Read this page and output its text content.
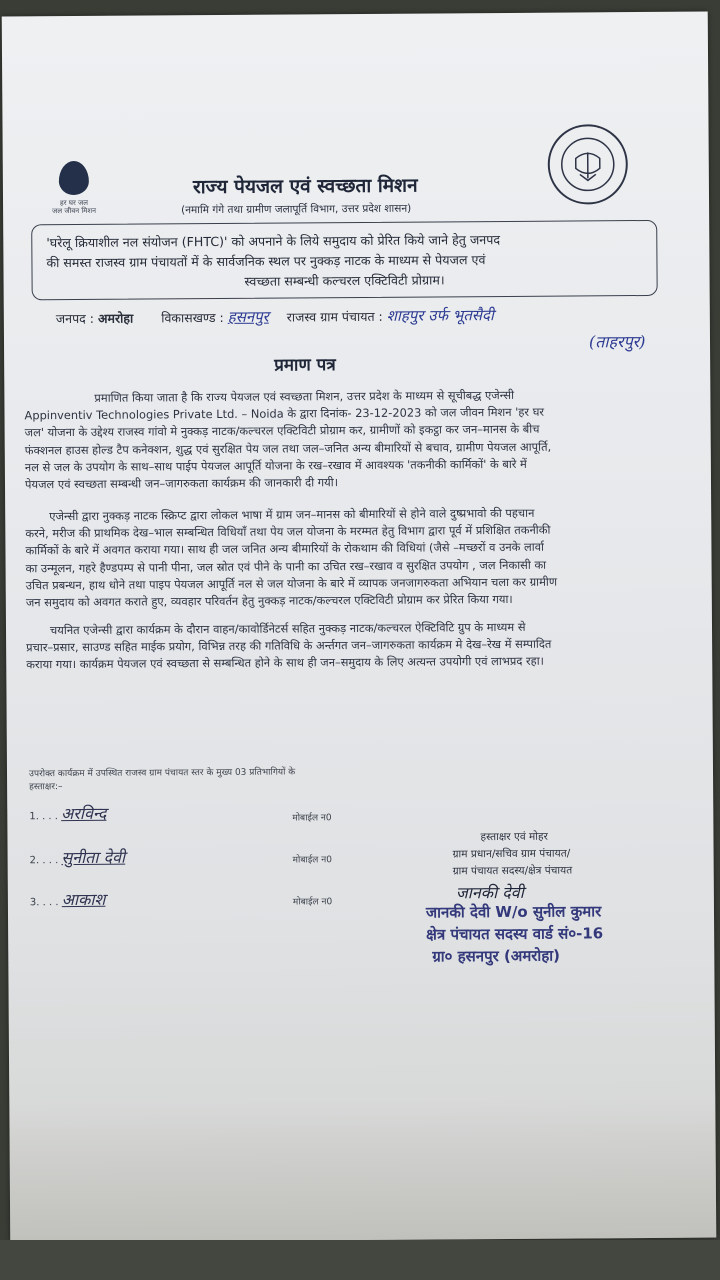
हर घर जल
जल जीवन मिशन
राज्य पेयजल एवं स्वच्छता मिशन
(नमामि गंगे तथा ग्रामीण जलापूर्ति विभाग, उत्तर प्रदेश शासन)
'घरेलू क्रियाशील नल संयोजन (FHTC)' को अपनाने के लिये समुदाय को प्रेरित किये जाने हेतु जनपद
की समस्त राजस्व ग्राम पंचायतों में के सार्वजनिक स्थल पर नुक्कड़ नाटक के माध्यम से पेयजल एवं
स्वच्छता सम्बन्धी कल्चरल एक्टिविटी प्रोग्राम।
जनपद : अमरोहा विकासखण्ड : हसनपुर राजस्व ग्राम पंचायत : शाहपुर उर्फ भूतसैदी
(ताहरपुर)
प्रमाण पत्र
प्रमाणित किया जाता है कि राज्य पेयजल एवं स्वच्छता मिशन, उत्तर प्रदेश के माध्यम से सूचीबद्ध एजेन्सी
Appinventiv Technologies Private Ltd. – Noida के द्वारा दिनांक- 23-12-2023 को जल जीवन मिशन 'हर घर
जल' योजना के उद्देश्य राजस्व गांवो मे नुक्कड़ नाटक/कल्चरल एक्टिविटी प्रोग्राम कर, ग्रामीणों को इकट्ठा कर जन–मानस के बीच
फंक्शनल हाउस होल्ड टैप कनेक्शन, शुद्ध एवं सुरक्षित पेय जल तथा जल–जनित अन्य बीमारियों से बचाव, ग्रामीण पेयजल आपूर्ति,
नल से जल के उपयोग के साथ–साथ पाईप पेयजल आपूर्ति योजना के रख–रखाव में आवश्यक 'तकनीकी कार्मिकों' के बारे में
पेयजल एवं स्वच्छता सम्बन्धी जन–जागरुकता कार्यक्रम की जानकारी दी गयी।
एजेन्सी द्वारा नुक्कड़ नाटक स्क्रिप्ट द्वारा लोकल भाषा में ग्राम जन–मानस को बीमारियों से होने वाले दुष्प्रभावो की पहचान
करने, मरीज की प्राथमिक देख–भाल सम्बन्धित विधियाँ तथा पेय जल योजना के मरम्मत हेतु विभाग द्वारा पूर्व में प्रशिक्षित तकनीकी
कार्मिकों के बारे में अवगत कराया गया। साथ ही जल जनित अन्य बीमारियों के रोकथाम की विधियां (जैसे –मच्छरों व उनके लार्वा
का उन्मूलन, गहरे हैण्डपम्प से पानी पीना, जल स्रोत एवं पीने के पानी का उचित रख–रखाव व सुरक्षित उपयोग , जल निकासी का
उचित प्रबन्धन, हाथ धोने तथा पाइप पेयजल आपूर्ति नल से जल योजना के बारे में व्यापक जनजागरुकता अभियान चला कर ग्रामीण
जन समुदाय को अवगत कराते हुए, व्यवहार परिवर्तन हेतु नुक्कड़ नाटक/कल्चरल एक्टिविटी प्रोग्राम कर प्रेरित किया गया।
चयनित एजेन्सी द्वारा कार्यक्रम के दौरान वाहन/कावोर्डिनेटर्स सहित नुक्कड़ नाटक/कल्चरल ऐक्टिविटि ग्रुप के माध्यम से
प्रचार–प्रसार, साउण्ड सहित माईक प्रयोग, विभिन्न तरह की गतिविधि के अर्न्तगत जन–जागरुकता कार्यक्रम मे देख–रेख में सम्पादित
कराया गया। कार्यक्रम पेयजल एवं स्वच्छता से सम्बन्धित होने के साथ ही जन–समुदाय के लिए अत्यन्त उपयोगी एवं लाभप्रद रहा।
उपरोक्त कार्यक्रम में उपस्थित राजस्व ग्राम पंचायत स्तर के मुख्य 03 प्रतिभागियों के
हस्ताक्षर:–
1. . . . अरविन्द	मोबाईल न0
2. . . . सुनीता देवी	मोबाईल न0
3. . . . आकाश	मोबाईल न0
हस्ताक्षर एवं मोहर
ग्राम प्रधान/सचिव ग्राम पंचायत/
ग्राम पंचायत सदस्य/क्षेत्र पंचायत
जानकी देवी
जानकी देवी W/o सुनील कुमार
क्षेत्र पंचायत सदस्य वार्ड सं०-16
ग्रा० हसनपुर (अमरोहा)
